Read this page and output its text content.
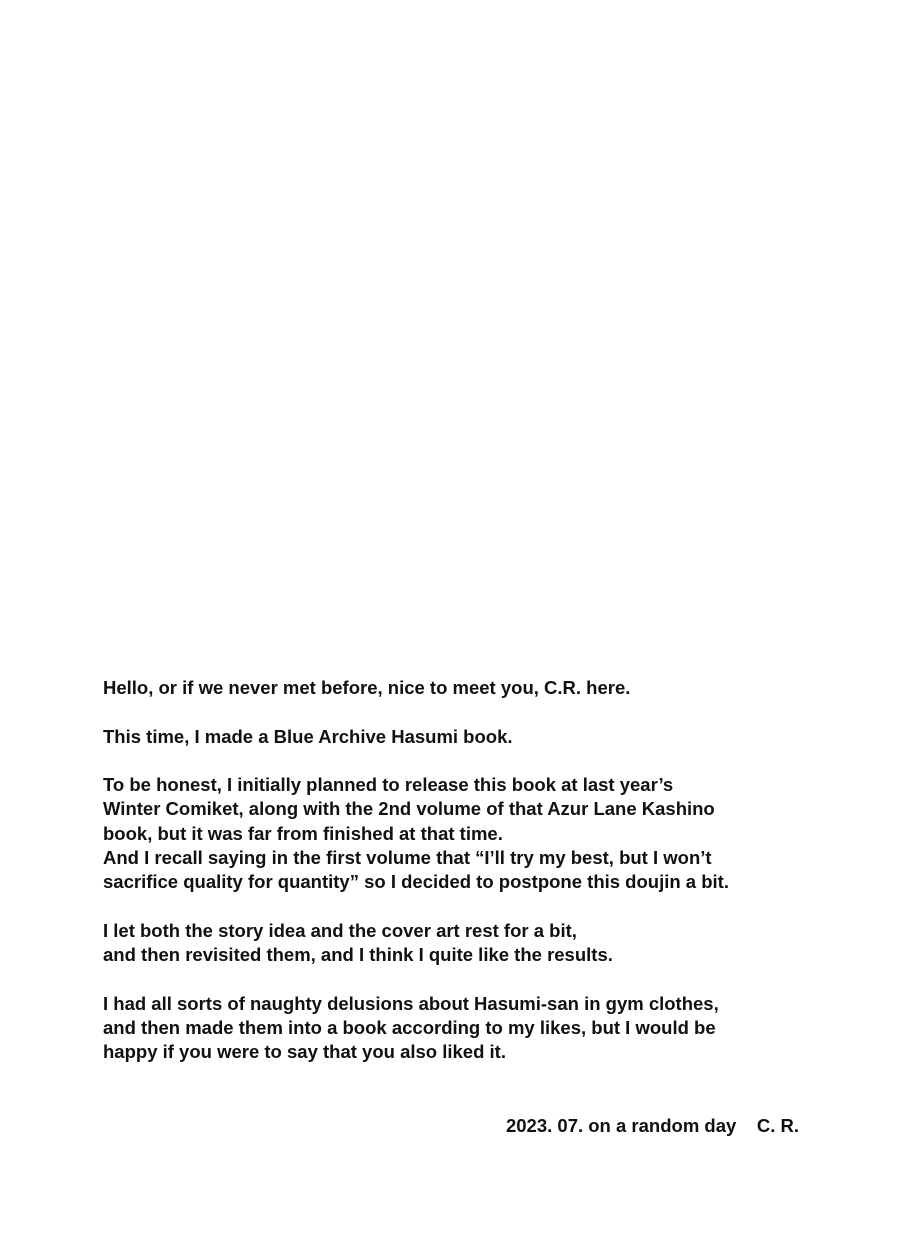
Hello, or if we never met before, nice to meet you, C.R. here.
This time, I made a Blue Archive Hasumi book.
To be honest, I initially planned to release this book at last year’s
Winter Comiket, along with the 2nd volume of that Azur Lane Kashino
book, but it was far from finished at that time.
And I recall saying in the first volume that “I’ll try my best, but I won’t
sacrifice quality for quantity” so I decided to postpone this doujin a bit.
I let both the story idea and the cover art rest for a bit,
and then revisited them, and I think I quite like the results.
I had all sorts of naughty delusions about Hasumi-san in gym clothes,
and then made them into a book according to my likes, but I would be
happy if you were to say that you also liked it.
2023. 07. on a random day    C. R.
